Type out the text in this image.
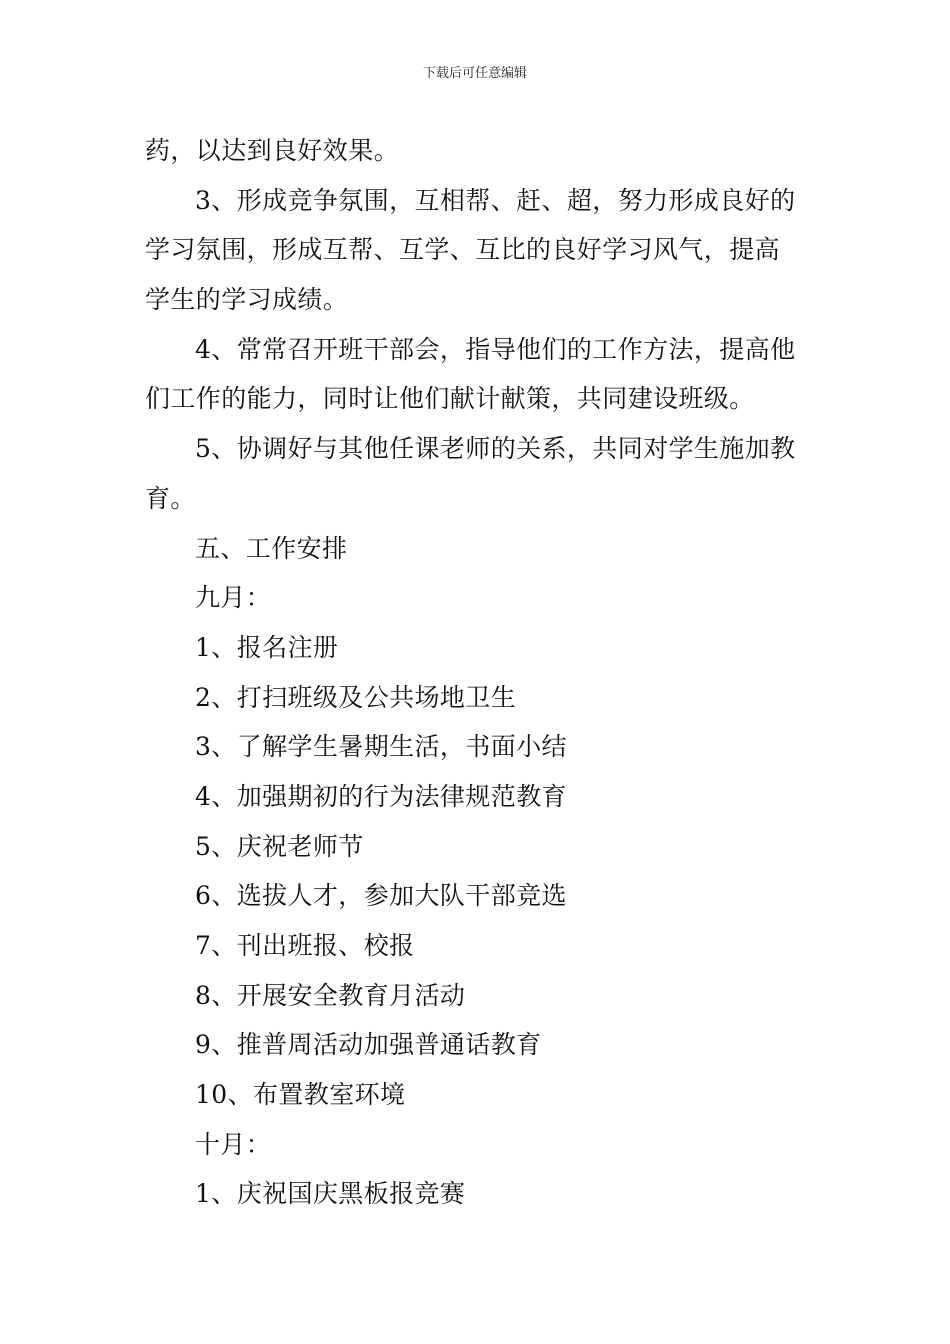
下载后可任意编辑
药，以达到良好效果。
3、形成竞争氛围，互相帮、赶、超，努力形成良好的
学习氛围，形成互帮、互学、互比的良好学习风气，提高
学生的学习成绩。
4、常常召开班干部会，指导他们的工作方法，提高他
们工作的能力，同时让他们献计献策，共同建设班级。
5、协调好与其他任课老师的关系，共同对学生施加教
育。
五、工作安排
九月：
1、报名注册
2、打扫班级及公共场地卫生
3、了解学生暑期生活，书面小结
4、加强期初的行为法律规范教育
5、庆祝老师节
6、选拔人才，参加大队干部竞选
7、刊出班报、校报
8、开展安全教育月活动
9、推普周活动加强普通话教育
10、布置教室环境
十月：
1、庆祝国庆黑板报竞赛
